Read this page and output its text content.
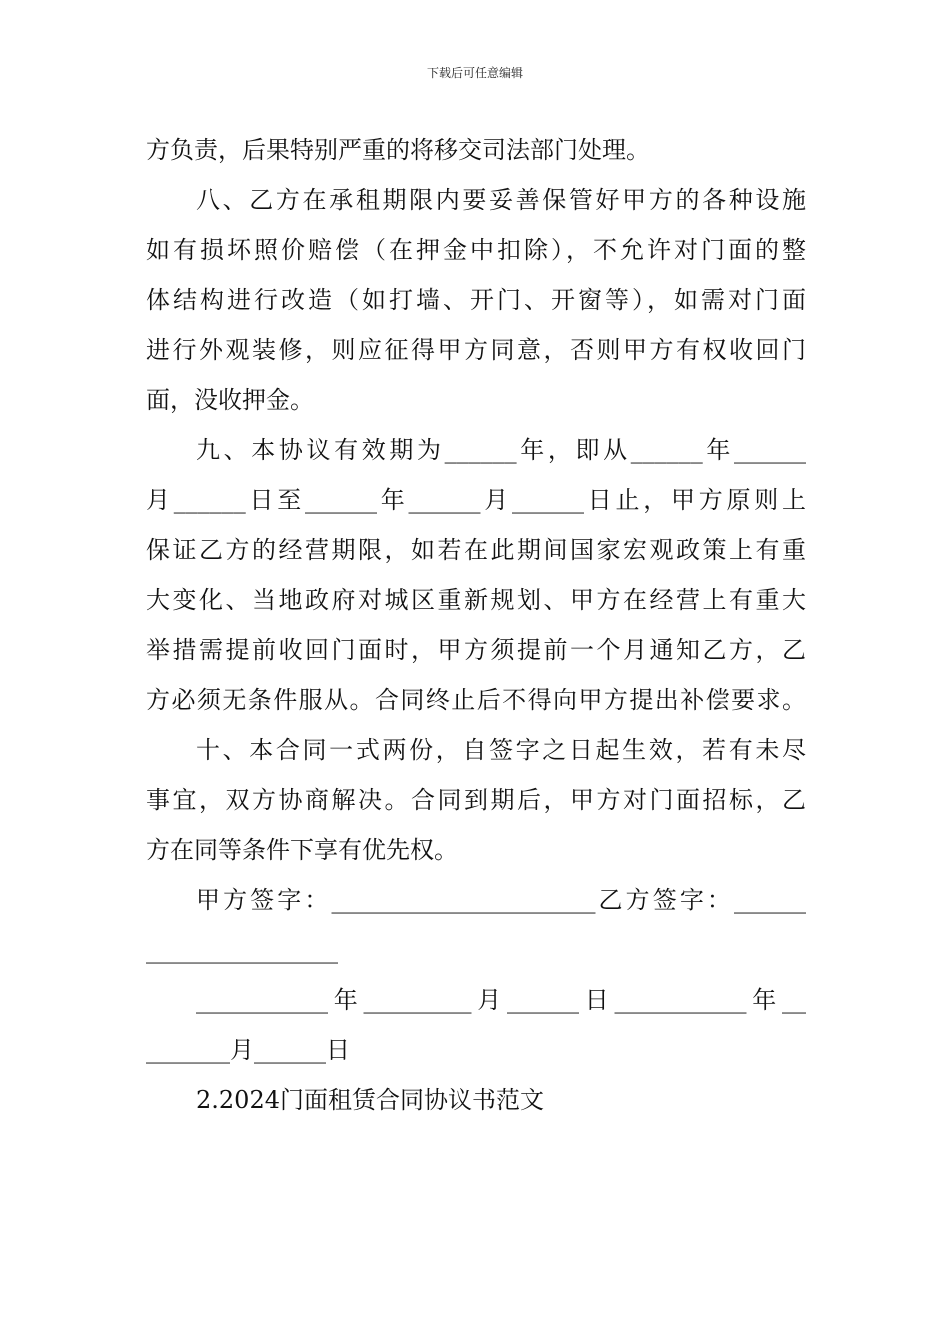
下载后可任意编辑
方负责，后果特别严重的将移交司法部门处理。
八、乙方在承租期限内要妥善保管好甲方的各种设施
如有损坏照价赔偿（在押金中扣除），不允许对门面的整
体结构进行改造（如打墙、开门、开窗等），如需对门面
进行外观装修，则应征得甲方同意，否则甲方有权收回门
面，没收押金。
九、本协议有效期为______年，即从______年______
月______日至______年______月______日止，甲方原则上
保证乙方的经营期限，如若在此期间国家宏观政策上有重
大变化、当地政府对城区重新规划、甲方在经营上有重大
举措需提前收回门面时，甲方须提前一个月通知乙方，乙
方必须无条件服从。合同终止后不得向甲方提出补偿要求。
十、本合同一式两份，自签字之日起生效，若有未尽
事宜，双方协商解决。合同到期后，甲方对门面招标，乙
方在同等条件下享有优先权。
甲方签字：______________________乙方签字：______
________________
___________年_________月______日___________年__
_______月______日
2.2024门面租赁合同协议书范文
